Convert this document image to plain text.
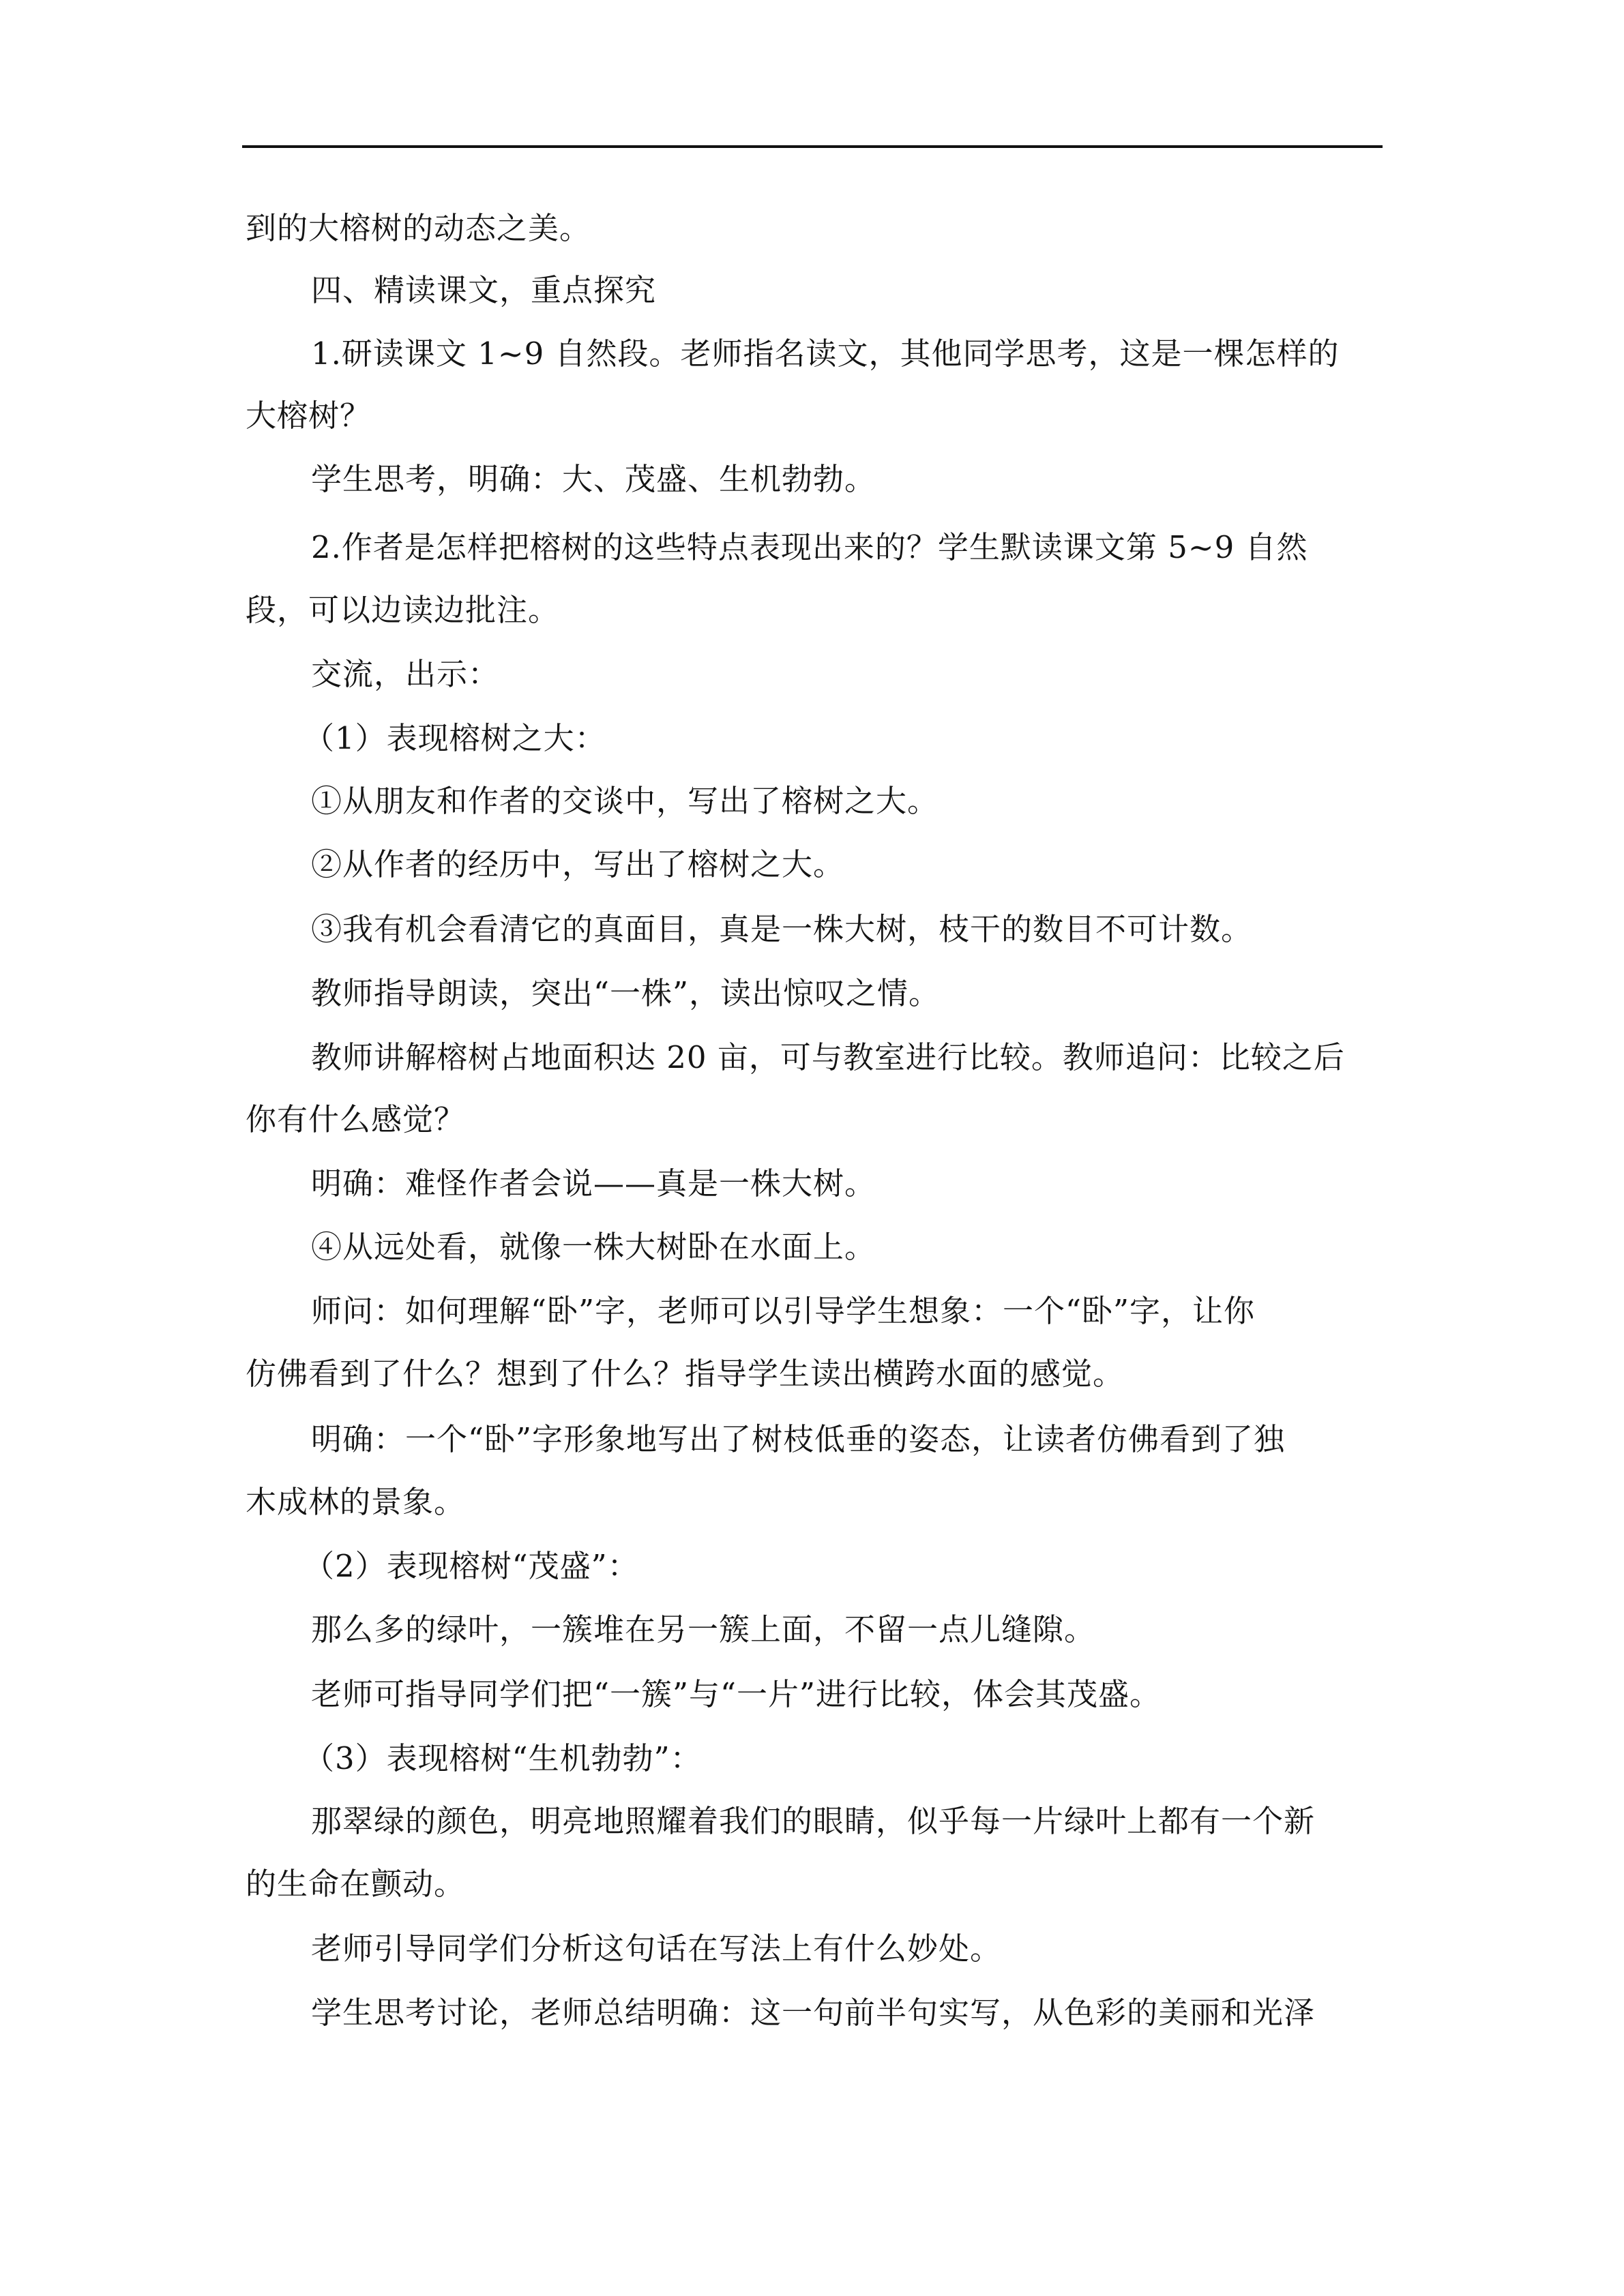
到的大榕树的动态之美。
四、精读课文，重点探究
1.研读课文 1~9 自然段。老师指名读文，其他同学思考，这是一棵怎样的
大榕树？
学生思考，明确：大、茂盛、生机勃勃。
2.作者是怎样把榕树的这些特点表现出来的？学生默读课文第 5~9 自然
段，可以边读边批注。
交流，出示：
（1）表现榕树之大：
①从朋友和作者的交谈中，写出了榕树之大。
②从作者的经历中，写出了榕树之大。
③我有机会看清它的真面目，真是一株大树，枝干的数目不可计数。
教师指导朗读，突出“一株”，读出惊叹之情。
教师讲解榕树占地面积达 20 亩，可与教室进行比较。教师追问：比较之后
你有什么感觉？
明确：难怪作者会说——真是一株大树。
④从远处看，就像一株大树卧在水面上。
师问：如何理解“卧”字，老师可以引导学生想象：一个“卧”字，让你
仿佛看到了什么？想到了什么？指导学生读出横跨水面的感觉。
明确：一个“卧”字形象地写出了树枝低垂的姿态，让读者仿佛看到了独
木成林的景象。
（2）表现榕树“茂盛”：
那么多的绿叶，一簇堆在另一簇上面，不留一点儿缝隙。
老师可指导同学们把“一簇”与“一片”进行比较，体会其茂盛。
（3）表现榕树“生机勃勃”：
那翠绿的颜色，明亮地照耀着我们的眼睛，似乎每一片绿叶上都有一个新
的生命在颤动。
老师引导同学们分析这句话在写法上有什么妙处。
学生思考讨论，老师总结明确：这一句前半句实写，从色彩的美丽和光泽
